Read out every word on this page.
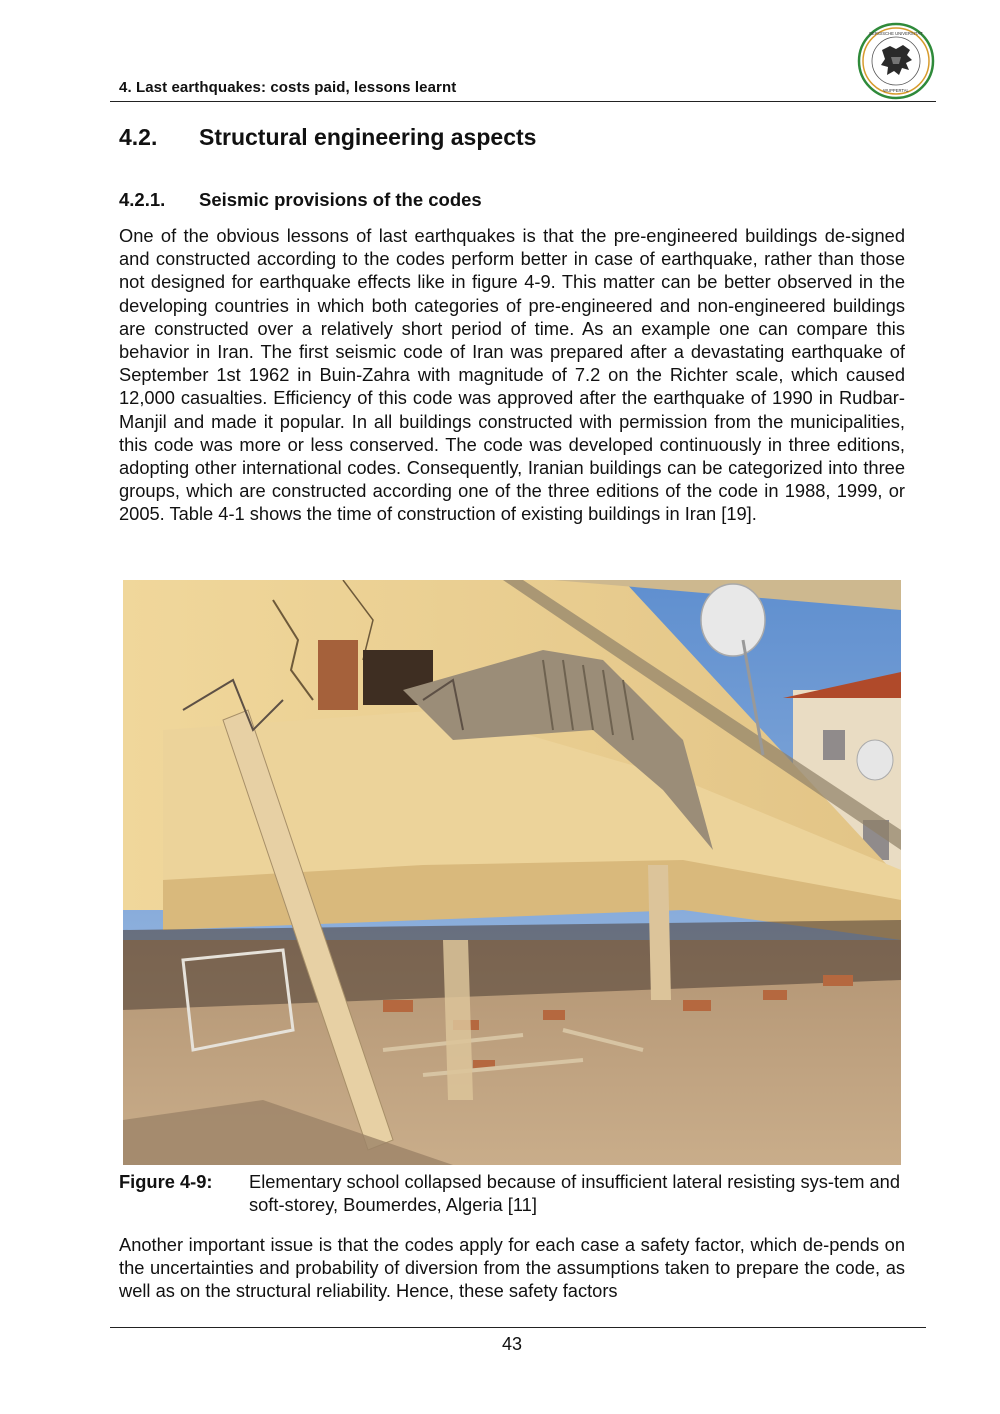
4. Last earthquakes: costs paid, lessons learnt
BERGISCHE UNIVERSITÄT
WUPPERTAL
4.2.	Structural engineering aspects
4.2.1.	Seismic provisions of the codes

One of the obvious lessons of last earthquakes is that the pre-engineered buildings de-signed and constructed according to the codes perform better in case of earthquake, rather than those not designed for earthquake effects like in figure 4-9. This matter can be better observed in the developing countries in which both categories of pre-engineered and non-engineered buildings are constructed over a relatively short period of time. As an example one can compare this behavior in Iran. The first seismic code of Iran was prepared after a devastating earthquake of September 1st 1962 in Buin-Zahra with magnitude of 7.2 on the Richter scale, which caused 12,000 casualties. Efficiency of this code was approved after the earthquake of 1990 in Rudbar-Manjil and made it popular. In all buildings constructed with permission from the municipalities, this code was more or less conserved. The code was developed continuously in three editions, adopting other international codes. Consequently, Iranian buildings can be categorized into three groups, which are constructed according one of the three editions of the code in 1988, 1999, or 2005. Table 4-1 shows the time of construction of existing buildings in Iran [19].

Figure 4-9:	Elementary school collapsed because of insufficient lateral resisting sys-tem and soft-storey, Boumerdes, Algeria [11]

Another important issue is that the codes apply for each case a safety factor, which de-pends on the uncertainties and probability of diversion from the assumptions taken to prepare the code, as well as on the structural reliability. Hence, these safety factors

43
